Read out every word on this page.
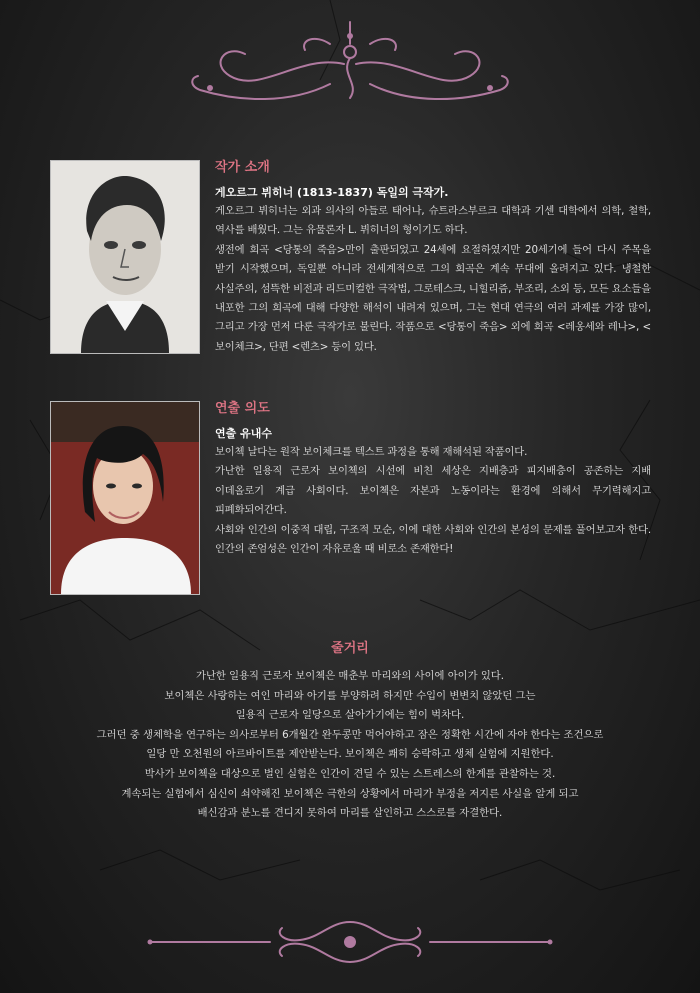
작가 소개

게오르그 뷔히너 (1813-1837) 독일의 극작가.

게오르그 뷔히너는 외과 의사의 아들로 태어나, 슈트라스부르크 대학과 기센 대학에서 의학, 철학, 역사를 배웠다. 그는 유물론자 L. 뷔히너의 형이기도 하다.

생전에 희곡 <당통의 죽음>만이 출판되었고 24세에 요절하였지만 20세기에 들어 다시 주목을 받기 시작했으며, 독일뿐 아니라 전세계적으로 그의 희곡은 계속 무대에 올려지고 있다. 냉철한 사실주의, 섬뜩한 비전과 리드미컬한 극작법, 그로테스크, 니힐리즘, 부조리, 소외 등, 모든 요소들을 내포한 그의 희곡에 대해 다양한 해석이 내려져 있으며, 그는 현대 연극의 여러 과제를 가장 많이, 그리고 가장 먼저 다룬 극작가로 불린다. 작품으로 <당통이 죽음> 외에 희곡 <레옹세와 레나>, <보이체크>, 단편 <렌츠> 등이 있다.

연출 의도

연출 유내수

보이첵 날다는 원작 보이체크를 텍스트 과정을 통해 재해석된 작품이다.

가난한 일용직 근로자 보이첵의 시선에 비친 세상은 지배층과 피지배층이 공존하는 지배 이데올로기 계급 사회이다. 보이첵은 자본과 노동이라는 환경에 의해서 무기력해지고 피폐화되어간다.

사회와 인간의 이중적 대립, 구조적 모순, 이에 대한 사회와 인간의 본성의 문제를 풀어보고자 한다. 인간의 존엄성은 인간이 자유로울 때 비로소 존재한다!

줄거리

가난한 일용직 근로자 보이첵은 매춘부 마리와의 사이에 아이가 있다.

보이첵은 사랑하는 여인 마리와 아기를 부양하려 하지만 수입이 변변치 않았던 그는

일용직 근로자 일당으로 살아가기에는 힘이 벅차다.

그러던 중 생체학을 연구하는 의사로부터 6개월간 완두콩만 먹어야하고 잠은 정확한 시간에 자야 한다는 조건으로

일당 만 오천원의 아르바이트를 제안받는다. 보이첵은 쾌히 승락하고 생체 실험에 지원한다.

박사가 보이첵을 대상으로 벌인 실험은 인간이 견딜 수 있는 스트레스의 한계를 관찰하는 것.

계속되는 실험에서 심신이 쇠약해진 보이첵은 극한의 상황에서 마리가 부정을 저지른 사실을 알게 되고

배신감과 분노를 견디지 못하여 마리를 살인하고 스스로를 자결한다.
